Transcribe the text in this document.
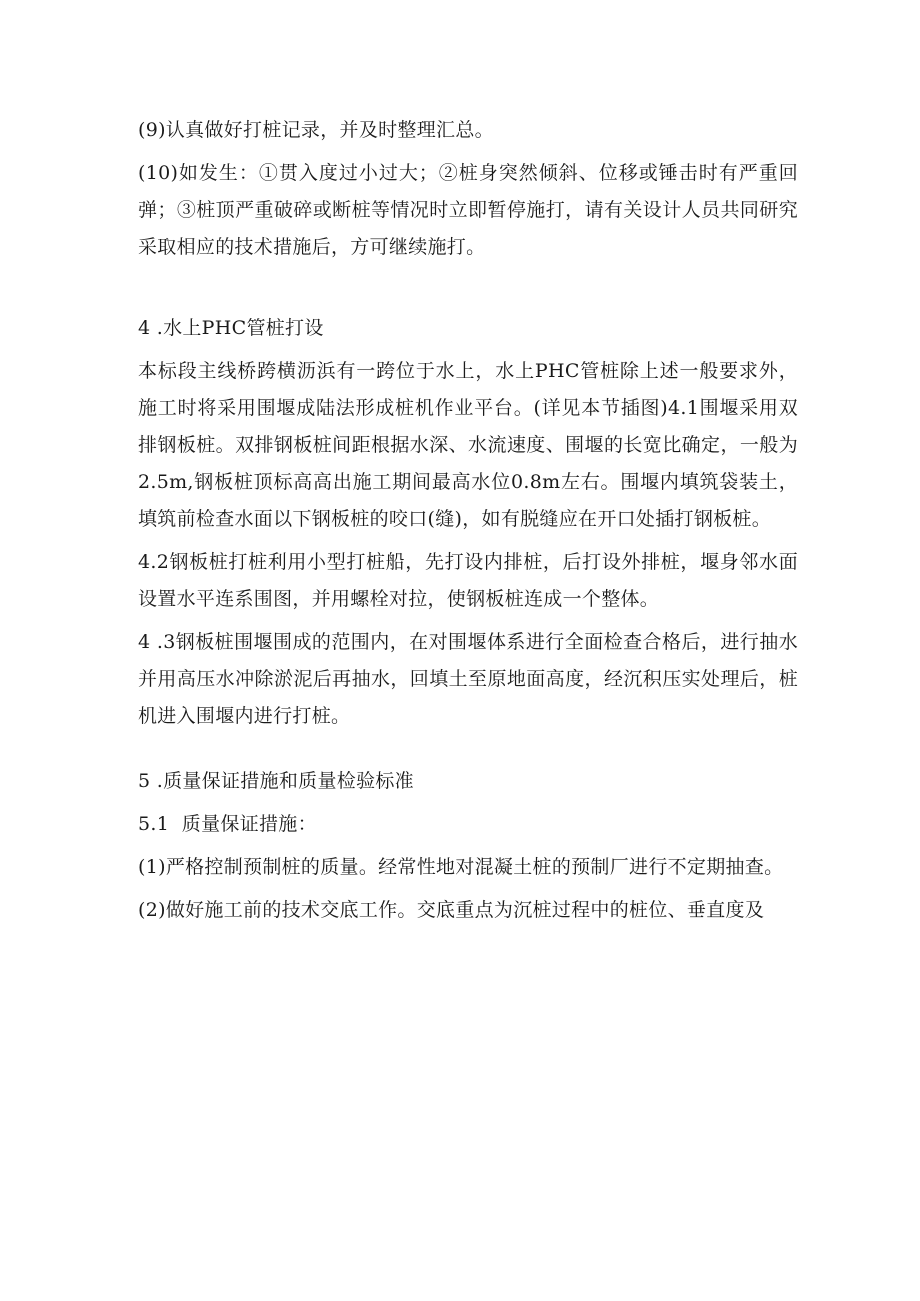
(9)认真做好打桩记录，并及时整理汇总。

(10)如发生：①贯入度过小过大；②桩身突然倾斜、位移或锤击时有严重回弹；③桩顶严重破碎或断桩等情况时立即暂停施打，请有关设计人员共同研究采取相应的技术措施后，方可继续施打。

4 .水上PHC管桩打设

本标段主线桥跨横沥浜有一跨位于水上，水上PHC管桩除上述一般要求外，施工时将采用围堰成陆法形成桩机作业平台。(详见本节插图)4.1围堰采用双排钢板桩。双排钢板桩间距根据水深、水流速度、围堰的长宽比确定，一般为2.5m,钢板桩顶标高高出施工期间最高水位0.8m左右。围堰内填筑袋装土，填筑前检查水面以下钢板桩的咬口(缝)，如有脱缝应在开口处插打钢板桩。

4.2钢板桩打桩利用小型打桩船，先打设内排桩，后打设外排桩，堰身邻水面设置水平连系围图，并用螺栓对拉，使钢板桩连成一个整体。

4 .3钢板桩围堰围成的范围内，在对围堰体系进行全面检查合格后，进行抽水并用高压水冲除淤泥后再抽水，回填土至原地面高度，经沉积压实处理后，桩机进入围堰内进行打桩。

5 .质量保证措施和质量检验标准

5.1  质量保证措施：

(1)严格控制预制桩的质量。经常性地对混凝土桩的预制厂进行不定期抽查。

(2)做好施工前的技术交底工作。交底重点为沉桩过程中的桩位、垂直度及
